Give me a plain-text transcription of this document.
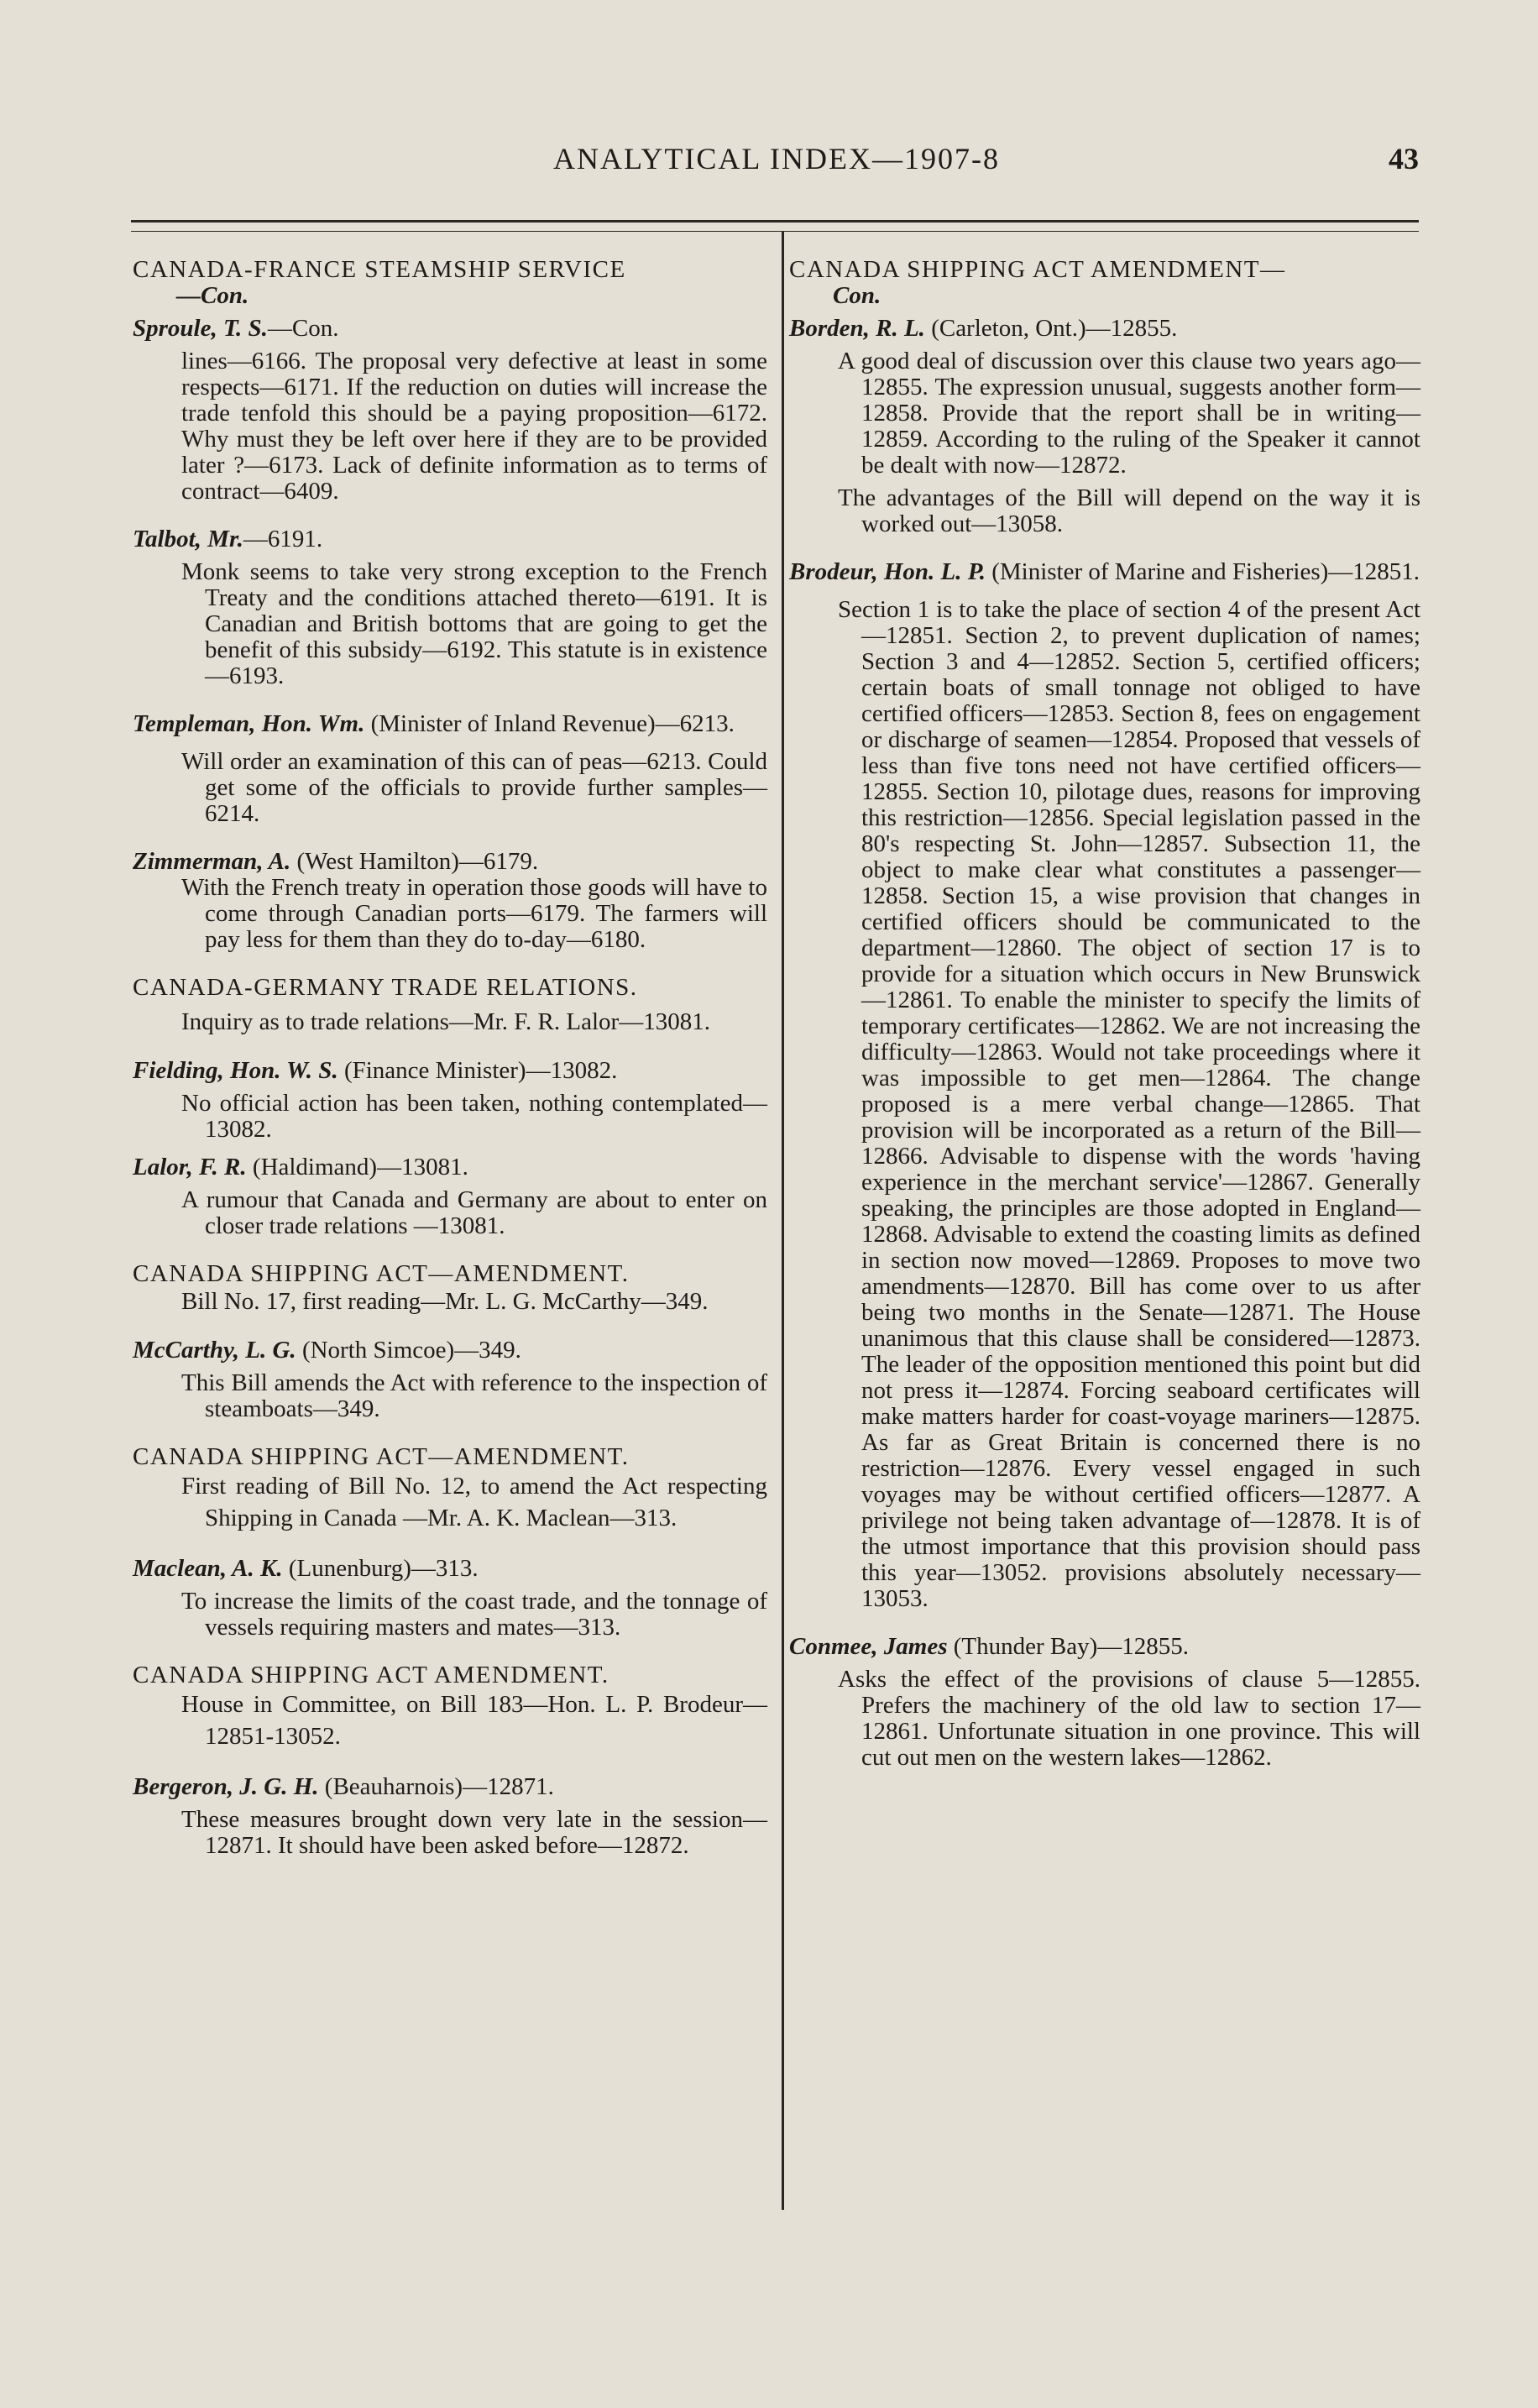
ANALYTICAL INDEX—1907-8	43
CANADA-FRANCE STEAMSHIP SERVICE
—Con.
Sproule, T. S.—Con.

lines—6166. The proposal very defective at least in some respects—6171. If the reduction on duties will increase the trade tenfold this should be a paying proposition—6172. Why must they be left over here if they are to be provided later ?—6173. Lack of definite information as to terms of contract—6409.

Talbot, Mr.—6191.

Monk seems to take very strong exception to the French Treaty and the conditions attached thereto—6191. It is Canadian and British bottoms that are going to get the benefit of this subsidy—6192. This statute is in existence—6193.

Templeman, Hon. Wm. (Minister of Inland Revenue)—6213.

Will order an examination of this can of peas—6213. Could get some of the officials to provide further samples—6214.

Zimmerman, A. (West Hamilton)—6179.

With the French treaty in operation those goods will have to come through Canadian ports—6179. The farmers will pay less for them than they do to-day—6180.

CANADA-GERMANY TRADE RELATIONS.

Inquiry as to trade relations—Mr. F. R. Lalor—13081.

Fielding, Hon. W. S. (Finance Minister)—13082.

No official action has been taken, nothing contemplated—13082.

Lalor, F. R. (Haldimand)—13081.

A rumour that Canada and Germany are about to enter on closer trade relations —13081.

CANADA SHIPPING ACT—AMENDMENT.

Bill No. 17, first reading—Mr. L. G. McCarthy—349.

McCarthy, L. G. (North Simcoe)—349.

This Bill amends the Act with reference to the inspection of steamboats—349.

CANADA SHIPPING ACT—AMENDMENT.

First reading of Bill No. 12, to amend the Act respecting Shipping in Canada —Mr. A. K. Maclean—313.

Maclean, A. K. (Lunenburg)—313.

To increase the limits of the coast trade, and the tonnage of vessels requiring masters and mates—313.

CANADA SHIPPING ACT AMENDMENT.

House in Committee, on Bill 183—Hon. L. P. Brodeur—12851-13052.

Bergeron, J. G. H. (Beauharnois)—12871.

These measures brought down very late in the session—12871. It should have been asked before—12872.

CANADA SHIPPING ACT AMENDMENT—
Con.
Borden, R. L. (Carleton, Ont.)—12855.

A good deal of discussion over this clause two years ago—12855. The expression unusual, suggests another form—12858. Provide that the report shall be in writing—12859. According to the ruling of the Speaker it cannot be dealt with now—12872.

The advantages of the Bill will depend on the way it is worked out—13058.

Brodeur, Hon. L. P. (Minister of Marine and Fisheries)—12851.

Section 1 is to take the place of section 4 of the present Act—12851. Section 2, to prevent duplication of names; Section 3 and 4—12852. Section 5, certified officers; certain boats of small tonnage not obliged to have certified officers—12853. Section 8, fees on engagement or discharge of seamen—12854. Proposed that vessels of less than five tons need not have certified officers—12855. Section 10, pilotage dues, reasons for improving this restriction—12856. Special legislation passed in the 80's respecting St. John—12857. Subsection 11, the object to make clear what constitutes a passenger—12858. Section 15, a wise provision that changes in certified officers should be communicated to the department—12860. The object of section 17 is to provide for a situation which occurs in New Brunswick—12861. To enable the minister to specify the limits of temporary certificates—12862. We are not increasing the difficulty—12863. Would not take proceedings where it was impossible to get men—12864. The change proposed is a mere verbal change—12865. That provision will be incorporated as a return of the Bill—12866. Advisable to dispense with the words 'having experience in the merchant service'—12867. Generally speaking, the principles are those adopted in England—12868. Advisable to extend the coasting limits as defined in section now moved—12869. Proposes to move two amendments—12870. Bill has come over to us after being two months in the Senate—12871. The House unanimous that this clause shall be considered—12873. The leader of the opposition mentioned this point but did not press it—12874. Forcing seaboard certificates will make matters harder for coast-voyage mariners—12875. As far as Great Britain is concerned there is no restriction—12876. Every vessel engaged in such voyages may be without certified officers—12877. A privilege not being taken advantage of—12878. It is of the utmost importance that this provision should pass this year—13052. provisions absolutely necessary—13053.

Conmee, James (Thunder Bay)—12855.

Asks the effect of the provisions of clause 5—12855. Prefers the machinery of the old law to section 17—12861. Unfortunate situation in one province. This will cut out men on the western lakes—12862.
